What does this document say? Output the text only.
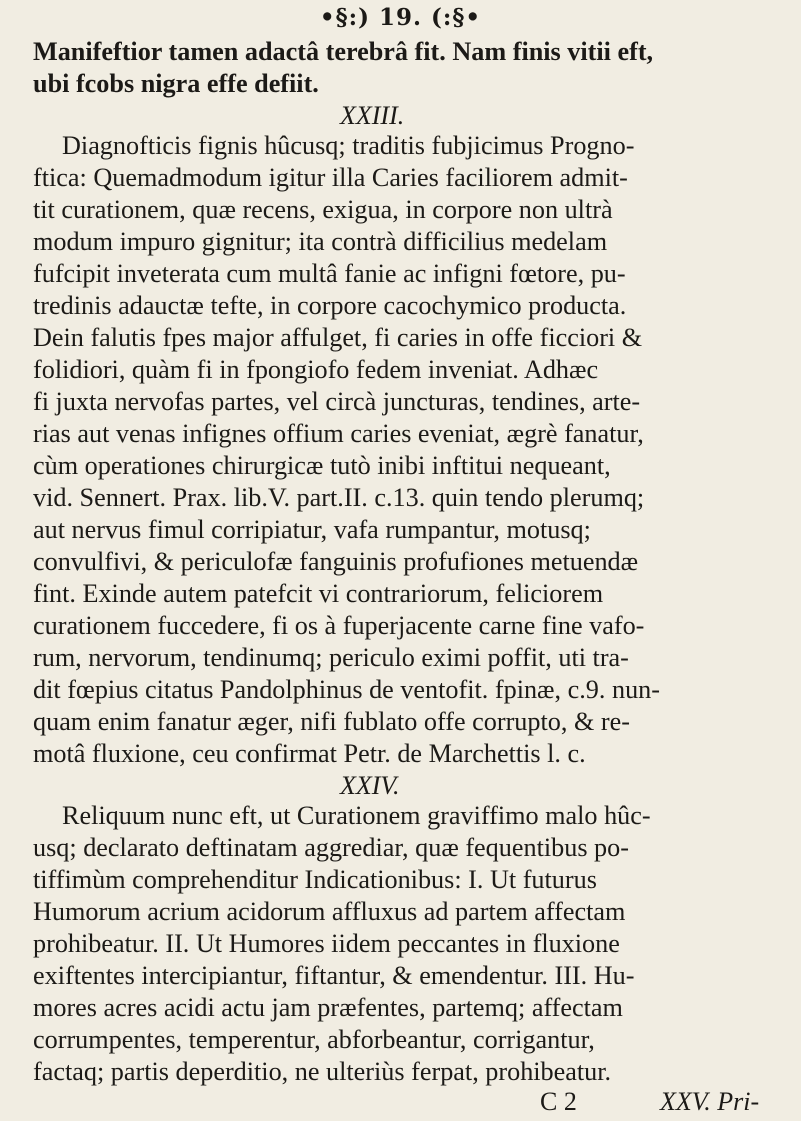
•§:) 19. (:§•
Manifeftior tamen adactâ terebrâ fit. Nam finis vitii eft,
ubi fcobs nigra effe defiit.
XXIII.
Diagnofticis fignis hûcusq; traditis fubjicimus Progno-
ftica: Quemadmodum igitur illa Caries faciliorem admit-
tit curationem, quæ recens, exigua, in corpore non ultrà
modum impuro gignitur; ita contrà difficilius medelam
fufcipit inveterata cum multâ fanie ac infigni fœtore, pu-
tredinis adauctæ tefte, in corpore cacochymico producta.
Dein falutis fpes major affulget, fi caries in offe ficciori &
folidiori, quàm fi in fpongiofo fedem inveniat. Adhæc
fi juxta nervofas partes, vel circà juncturas, tendines, arte-
rias aut venas infignes offium caries eveniat, ægrè fanatur,
cùm operationes chirurgicæ tutò inibi inftitui nequeant,
vid. Sennert. Prax. lib.V. part.II. c.13. quin tendo plerumq;
aut nervus fimul corripiatur, vafa rumpantur, motusq;
convulfivi, & periculofæ fanguinis profufiones metuendæ
fint. Exinde autem patefcit vi contrariorum, feliciorem
curationem fuccedere, fi os à fuperjacente carne fine vafo-
rum, nervorum, tendinumq; periculo eximi poffit, uti tra-
dit fœpius citatus Pandolphinus de ventofit. fpinæ, c.9. nun-
quam enim fanatur æger, nifi fublato offe corrupto, & re-
motâ fluxione, ceu confirmat Petr. de Marchettis l. c.
XXIV.
Reliquum nunc eft, ut Curationem graviffimo malo hûc-
usq; declarato deftinatam aggrediar, quæ fequentibus po-
tiffimùm comprehenditur Indicationibus: I. Ut futurus
Humorum acrium acidorum affluxus ad partem affectam
prohibeatur. II. Ut Humores iidem peccantes in fluxione
exiftentes intercipiantur, fiftantur, & emendentur. III. Hu-
mores acres acidi actu jam præfentes, partemq; affectam
corrumpentes, temperentur, abforbeantur, corrigantur,
factaq; partis deperditio, ne ulteriùs ferpat, prohibeatur.
C 2	XXV. Pri-
